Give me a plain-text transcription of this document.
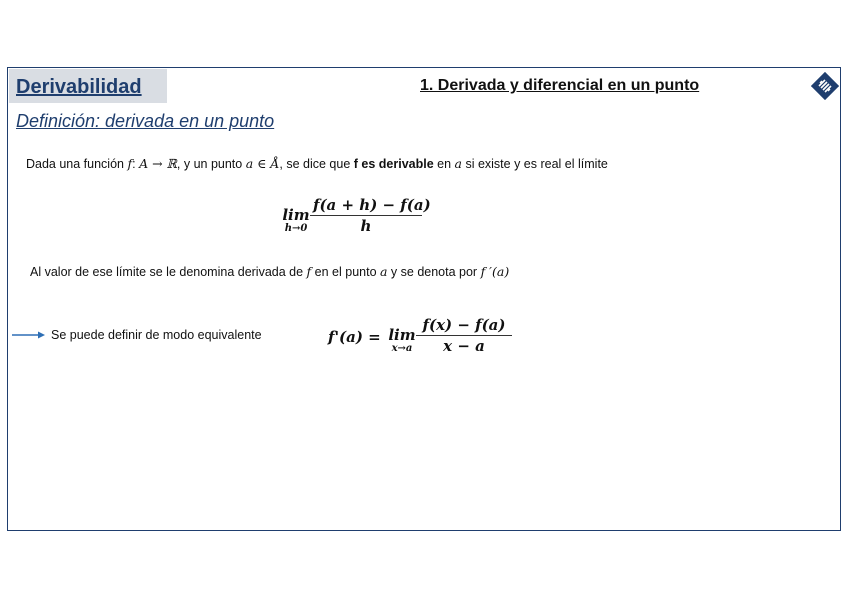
Derivabilidad	1. Derivada y diferencial en un punto
Definición: derivada en un punto
Dada una función f: A → ℝ, y un punto a ∈ Å, se dice que f es derivable en a si existe y es real el límite
lim
h→0
f(a + h) − f(a)
h
Al valor de ese límite se le denomina derivada de f en el punto a y se denota por f ′(a)
Se puede definir de modo equivalente	f'(a) = lim
x→a
f(x) − f(a)
x − a
